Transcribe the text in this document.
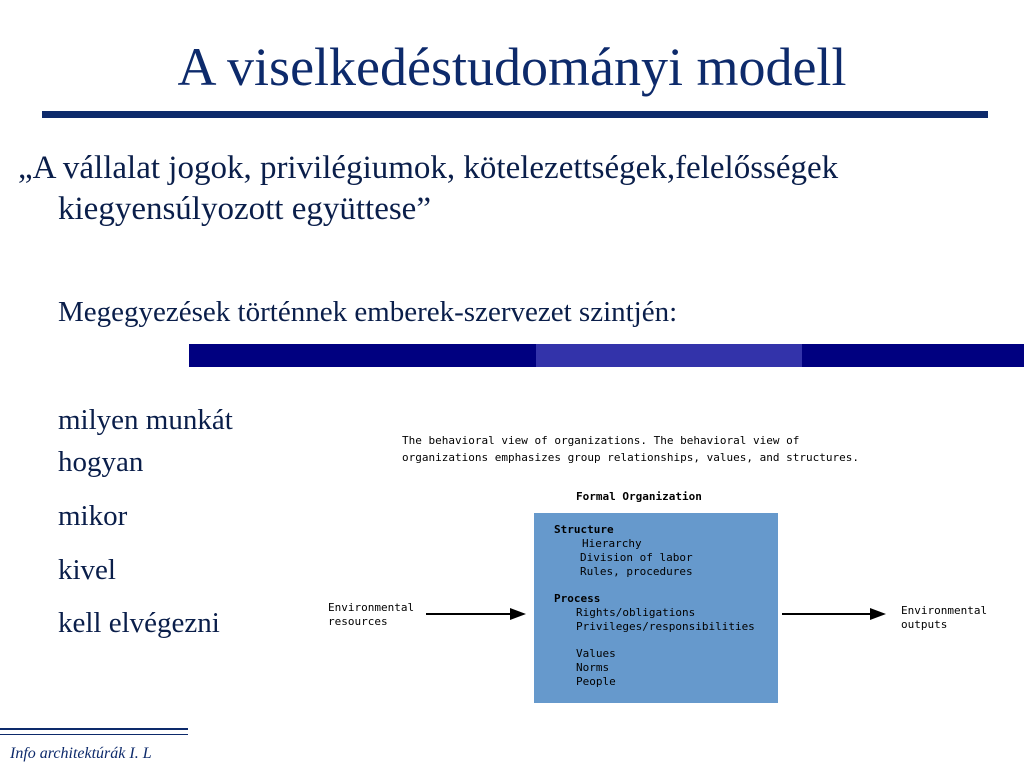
A viselkedéstudományi modell
„A vállalat jogok, privilégiumok, kötelezettségek,felelősségek kiegyensúlyozott együttese”
Megegyezések történnek emberek-szervezet szintjén:
milyen munkát
hogyan
mikor
kivel
kell elvégezni
The behavioral view of organizations. The behavioral view of
organizations emphasizes group relationships, values, and structures.
Formal Organization
Structure
Hierarchy
Division of labor
Rules, procedures
Process
Rights/obligations
Privileges/responsibilities
Values
Norms
People
Environmental
resources
Environmental
outputs
Info architektúrák I. L
